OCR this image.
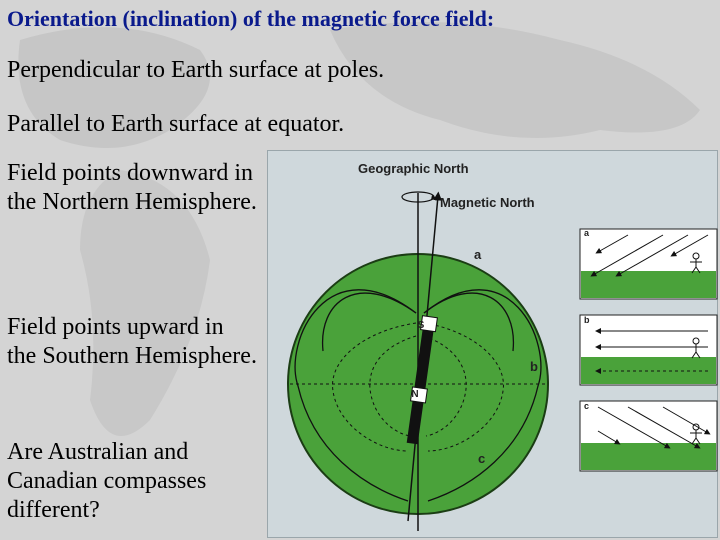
Orientation (inclination) of the magnetic force field:

Perpendicular to Earth surface at poles.

Parallel to Earth surface at equator.

Field points downward in the Northern Hemisphere.

Field points upward in the Southern Hemisphere.

Are Australian and Canadian compasses different?

S
N
Geographic North
Magnetic North
a
b
c
a
b
c
